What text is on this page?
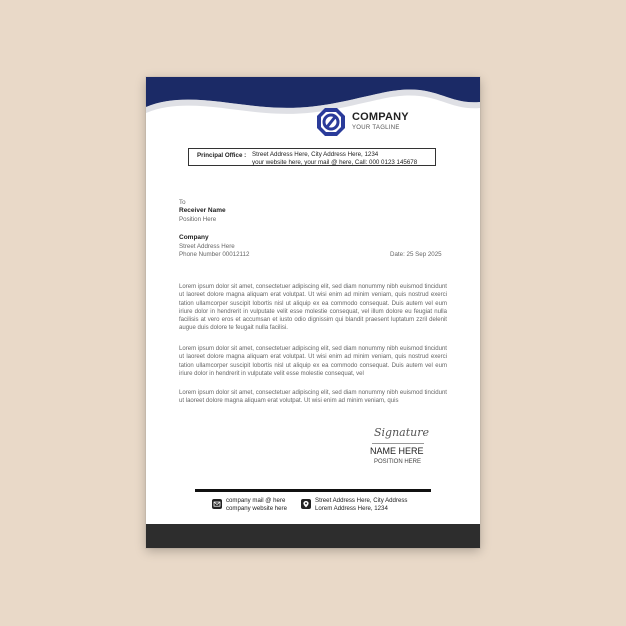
COMPANY
YOUR TAGLINE
Principal Office : Street Address Here, City Address Here, 1234
your website here, your mail @ here, Call: 000 0123 145678
To
Receiver Name
Position Here
Company
Street Address Here
Phone Number 00012112	Date: 25 Sep 2025

Lorem ipsum dolor sit amet, consectetuer adipiscing elit, sed diam nonummy nibh euismod tincidunt ut laoreet dolore magna aliquam erat volutpat. Ut wisi enim ad minim veniam, quis nostrud exerci tation ullamcorper suscipit lobortis nisl ut aliquip ex ea commodo consequat. Duis autem vel eum iriure dolor in hendrerit in vulputate velit esse molestie consequat, vel illum dolore eu feugiat nulla facilisis at vero eros et accumsan et iusto odio dignissim qui blandit praesent luptatum zzril delenit augue duis dolore te feugait nulla facilisi.

Lorem ipsum dolor sit amet, consectetuer adipiscing elit, sed diam nonummy nibh euismod tincidunt ut laoreet dolore magna aliquam erat volutpat. Ut wisi enim ad minim veniam, quis nostrud exerci tation ullamcorper suscipit lobortis nisl ut aliquip ex ea commodo consequat. Duis autem vel eum iriure dolor in hendrerit in vulputate velit esse molestie consequat, vel

Lorem ipsum dolor sit amet, consectetuer adipiscing elit, sed diam nonummy nibh euismod tincidunt ut laoreet dolore magna aliquam erat volutpat. Ut wisi enim ad minim veniam, quis

Signature
NAME HERE
POSITION HERE
company mail @ here
company website here
Street Address Here, City Address
Lorem Address Here, 1234
